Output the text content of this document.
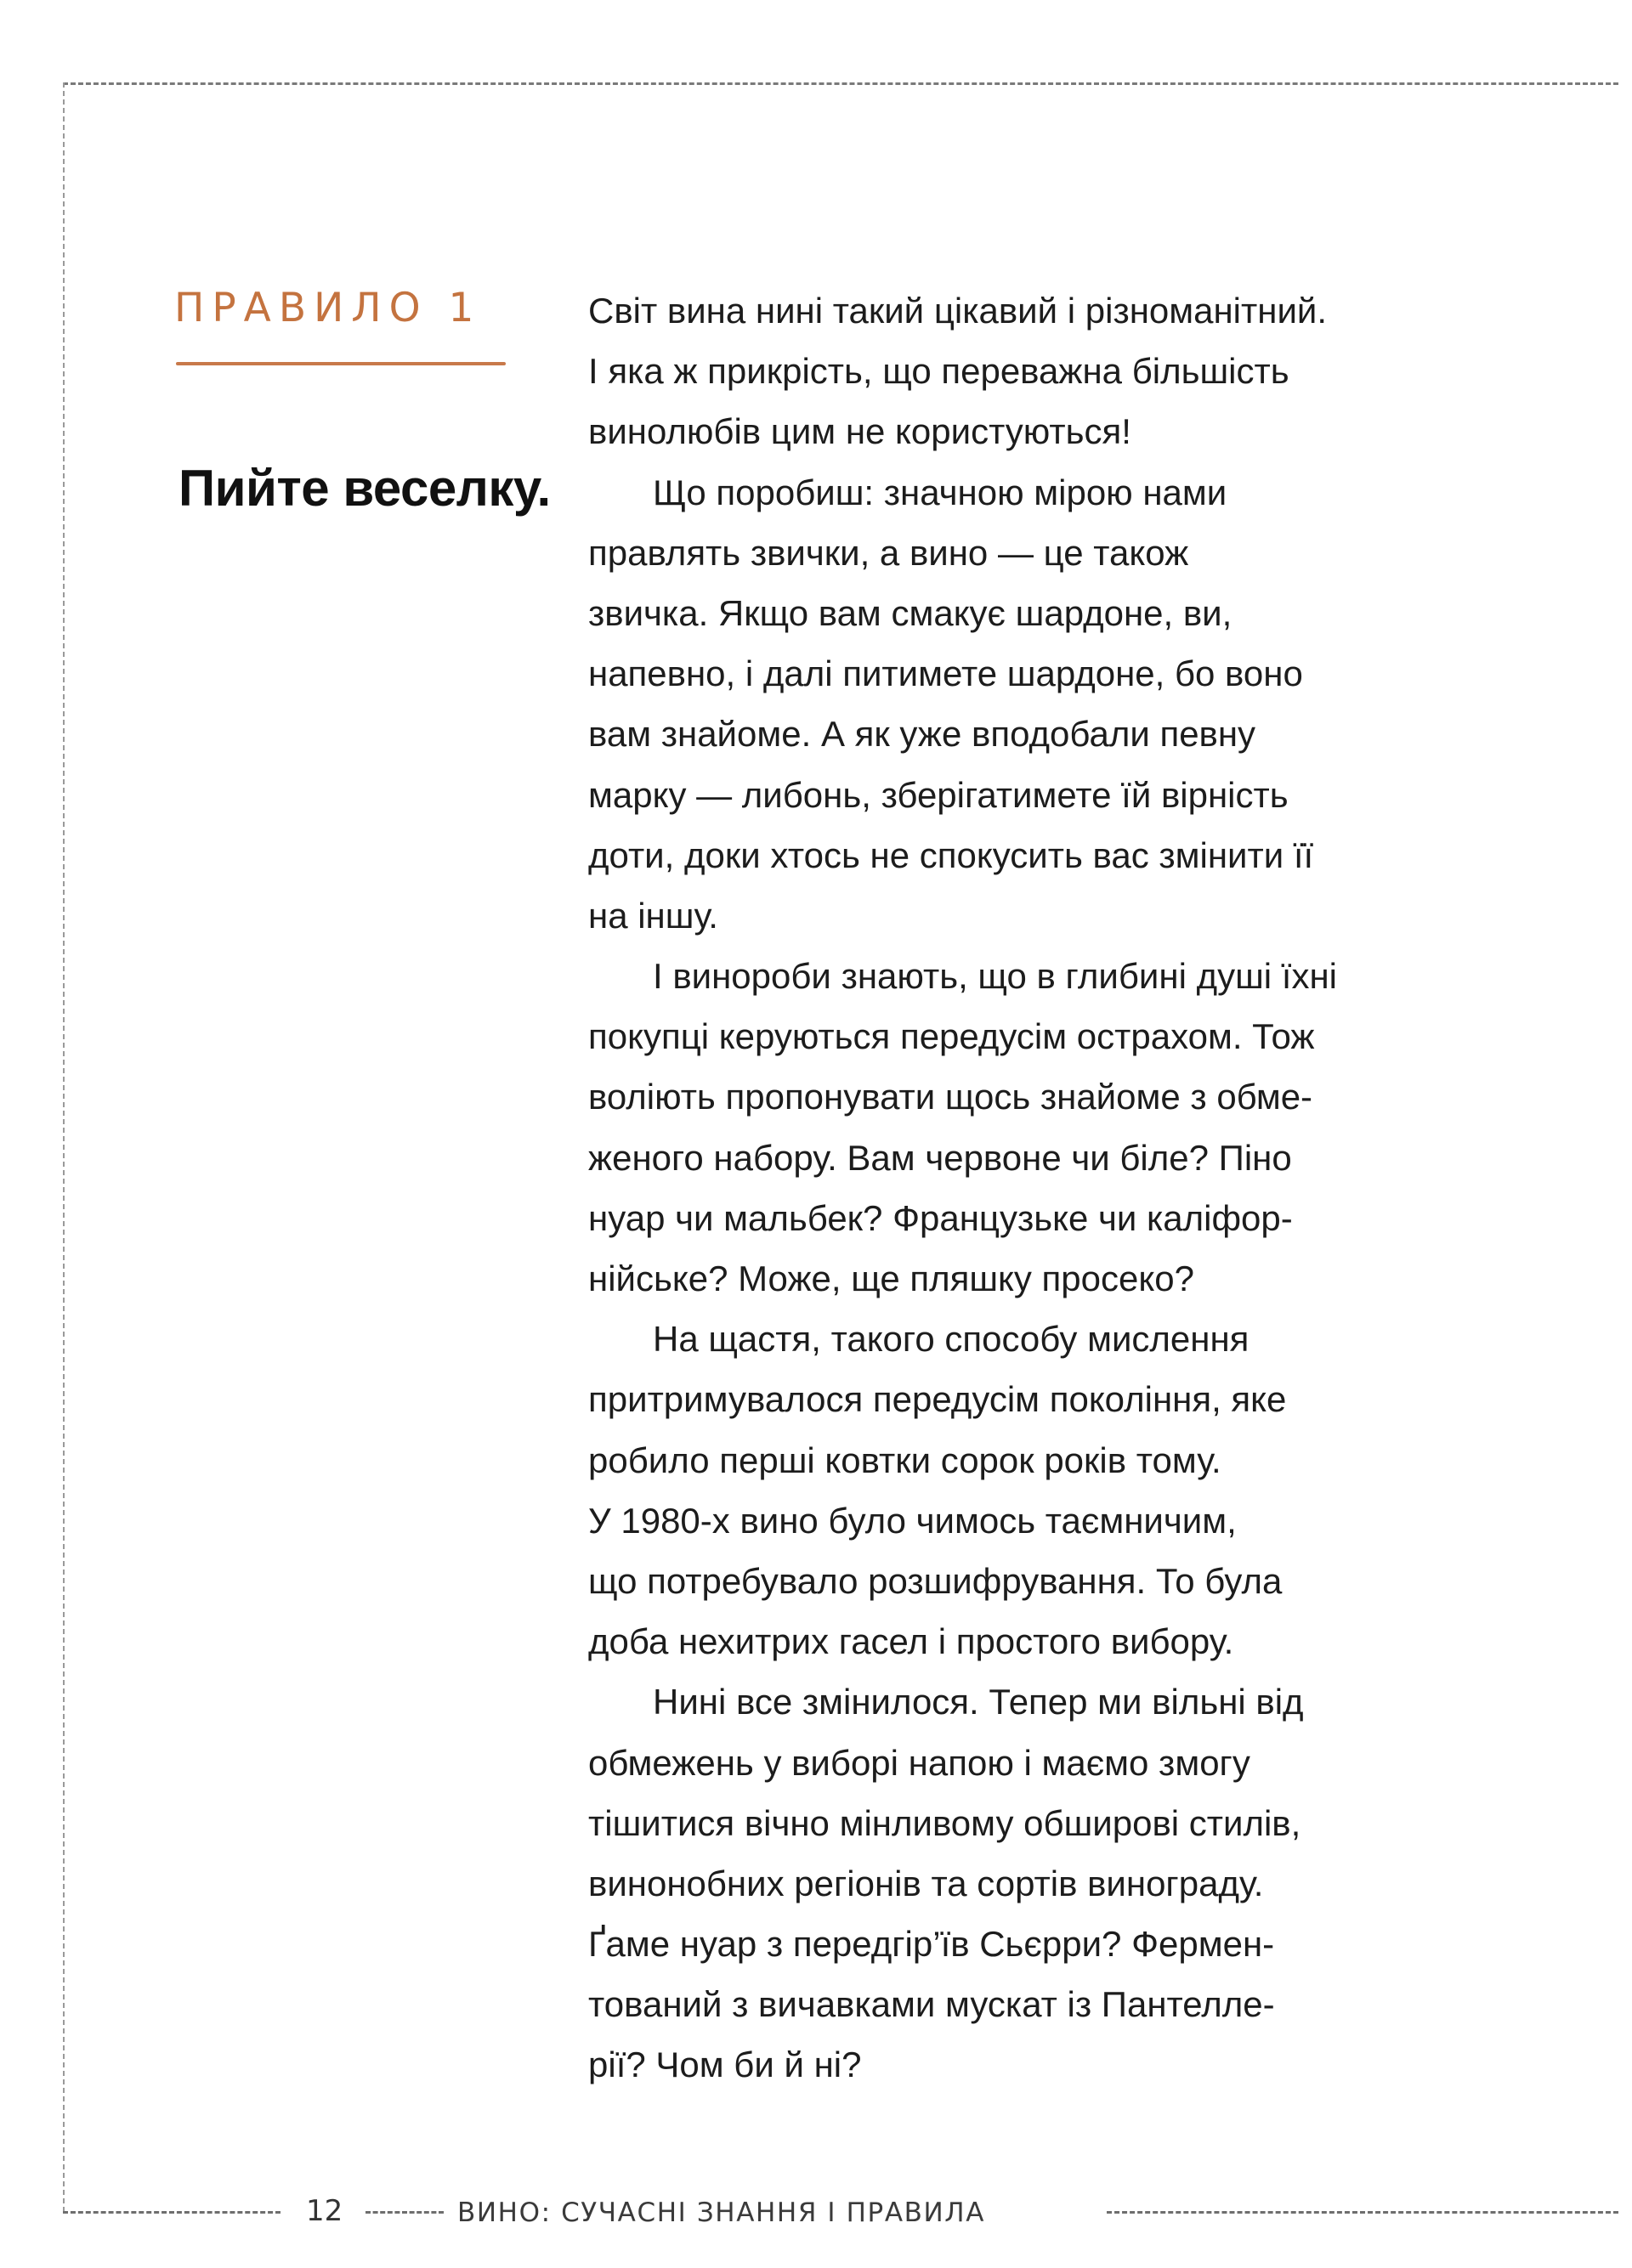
ПРАВИЛО 1
Пийте веселку.
Світ вина нині такий цікавий і різноманітний.
І яка ж прикрість, що переважна більшість
винолюбів цим не користуються!
Що поробиш: значною мірою нами
правлять звички, а вино — це також
звичка. Якщо вам смакує шардоне, ви,
напевно, і далі питимете шардоне, бо воно
вам знайоме. А як уже вподобали певну
марку — либонь, зберігатимете їй вірність
доти, доки хтось не спокусить вас змінити її
на іншу.
І винороби знають, що в глибині душі їхні
покупці керуються передусім острахом. Тож
воліють пропонувати щось знайоме з обме-
женого набору. Вам червоне чи біле? Піно
нуар чи мальбек? Французьке чи каліфор-
нійське? Може, ще пляшку просеко?
На щастя, такого способу мислення
притримувалося передусім покоління, яке
робило перші ковтки сорок років тому.
У 1980-х вино було чимось таємничим,
що потребувало розшифрування. То була
доба нехитрих гасел і простого вибору.
Нині все змінилося. Тепер ми вільні від
обмежень у виборі напою і маємо змогу
тішитися вічно мінливому обширові стилів,
винонобних регіонів та сортів винограду.
Ґаме нуар з передгір’їв Сьєрри? Фермен-
тований з вичавками мускат із Пантелле-
рії? Чом би й ні?
12	ВИНО: СУЧАСНІ ЗНАННЯ І ПРАВИЛА
